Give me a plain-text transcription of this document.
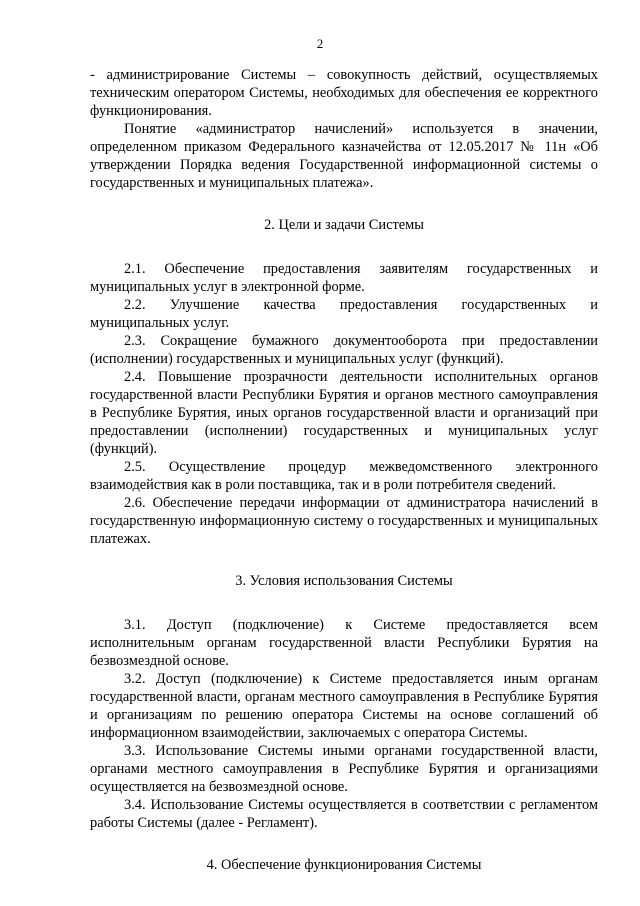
2

- администрирование Системы – совокупность действий, осуществляемых техническим оператором Системы, необходимых для обеспечения ее корректного функционирования.

Понятие «администратор начислений» используется в значении, определенном приказом Федерального казначейства от 12.05.2017 № 11н «Об утверждении Порядка ведения Государственной информационной системы о государственных и муниципальных платежа».

2. Цели и задачи Системы

2.1. Обеспечение предоставления заявителям государственных и муниципальных услуг в электронной форме.

2.2. Улучшение качества предоставления государственных и муниципальных услуг.

2.3. Сокращение бумажного документооборота при предоставлении (исполнении) государственных и муниципальных услуг (функций).

2.4. Повышение прозрачности деятельности исполнительных органов государственной власти Республики Бурятия и органов местного самоуправления в Республике Бурятия, иных органов государственной власти и организаций при предоставлении (исполнении) государственных и муниципальных услуг (функций).

2.5. Осуществление процедур межведомственного электронного взаимодействия как в роли поставщика, так и в роли потребителя сведений.

2.6. Обеспечение передачи информации от администратора начислений в государственную информационную систему о государственных и муниципальных платежах.

3. Условия использования Системы

3.1. Доступ (подключение) к Системе предоставляется всем исполнительным органам государственной власти Республики Бурятия на безвозмездной основе.

3.2. Доступ (подключение) к Системе предоставляется иным органам государственной власти, органам местного самоуправления в Республике Бурятия и организациям по решению оператора Системы на основе соглашений об информационном взаимодействии, заключаемых с оператора Системы.

3.3. Использование Системы иными органами государственной власти, органами местного самоуправления в Республике Бурятия и организациями осуществляется на безвозмездной основе.

3.4. Использование Системы осуществляется в соответствии с регламентом работы Системы (далее - Регламент).

4. Обеспечение функционирования Системы
